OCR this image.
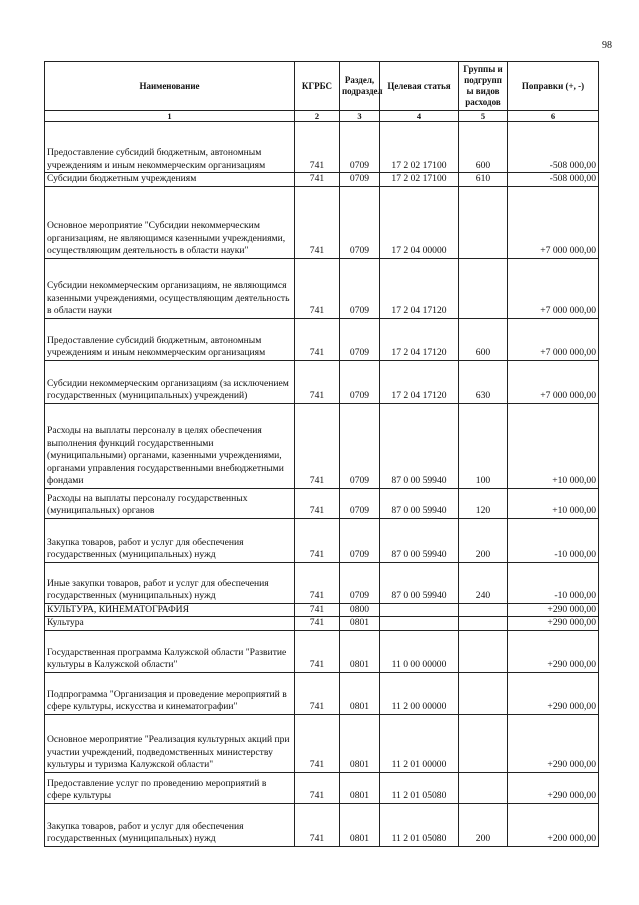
98
Наименование	КГРБС	Раздел, подраздел	Целевая статья	Группы и подгрупп ы видов расходов	Поправки (+, -)
1	2	3	4	5	6
Предоставление субсидий бюджетным, автономным учреждениям и иным некоммерческим организациям	741	0709	17 2 02 17100	600	-508 000,00
Субсидии бюджетным учреждениям	741	0709	17 2 02 17100	610	-508 000,00
Основное мероприятие "Субсидии некоммерческим организациям, не являющимся казенными учреждениями, осуществляющим деятельность в области науки"	741	0709	17 2 04 00000		+7 000 000,00
Субсидии некоммерческим организациям, не являющимся казенными учреждениями, осуществляющим деятельность в области науки	741	0709	17 2 04 17120		+7 000 000,00
Предоставление субсидий бюджетным, автономным учреждениям и иным некоммерческим организациям	741	0709	17 2 04 17120	600	+7 000 000,00
Субсидии некоммерческим организациям (за исключением государственных (муниципальных) учреждений)	741	0709	17 2 04 17120	630	+7 000 000,00
Расходы на выплаты персоналу в целях обеспечения выполнения функций государственными (муниципальными) органами, казенными учреждениями, органами управления государственными внебюджетными фондами	741	0709	87 0 00 59940	100	+10 000,00
Расходы на выплаты персоналу государственных (муниципальных) органов	741	0709	87 0 00 59940	120	+10 000,00
Закупка товаров, работ и услуг для обеспечения государственных (муниципальных) нужд	741	0709	87 0 00 59940	200	-10 000,00
Иные закупки товаров, работ и услуг для обеспечения государственных (муниципальных) нужд	741	0709	87 0 00 59940	240	-10 000,00
КУЛЬТУРА, КИНЕМАТОГРАФИЯ	741	0800			+290 000,00
Культура	741	0801			+290 000,00
Государственная программа Калужской области "Развитие культуры в Калужской области"	741	0801	11 0 00 00000		+290 000,00
Подпрограмма "Организация и проведение мероприятий в сфере культуры, искусства и кинематографии"	741	0801	11 2 00 00000		+290 000,00
Основное мероприятие "Реализация культурных акций при участии учреждений, подведомственных министерству культуры и туризма Калужской области"	741	0801	11 2 01 00000		+290 000,00
Предоставление услуг по проведению мероприятий в сфере культуры	741	0801	11 2 01 05080		+290 000,00
Закупка товаров, работ и услуг для обеспечения государственных (муниципальных) нужд	741	0801	11 2 01 05080	200	+200 000,00
